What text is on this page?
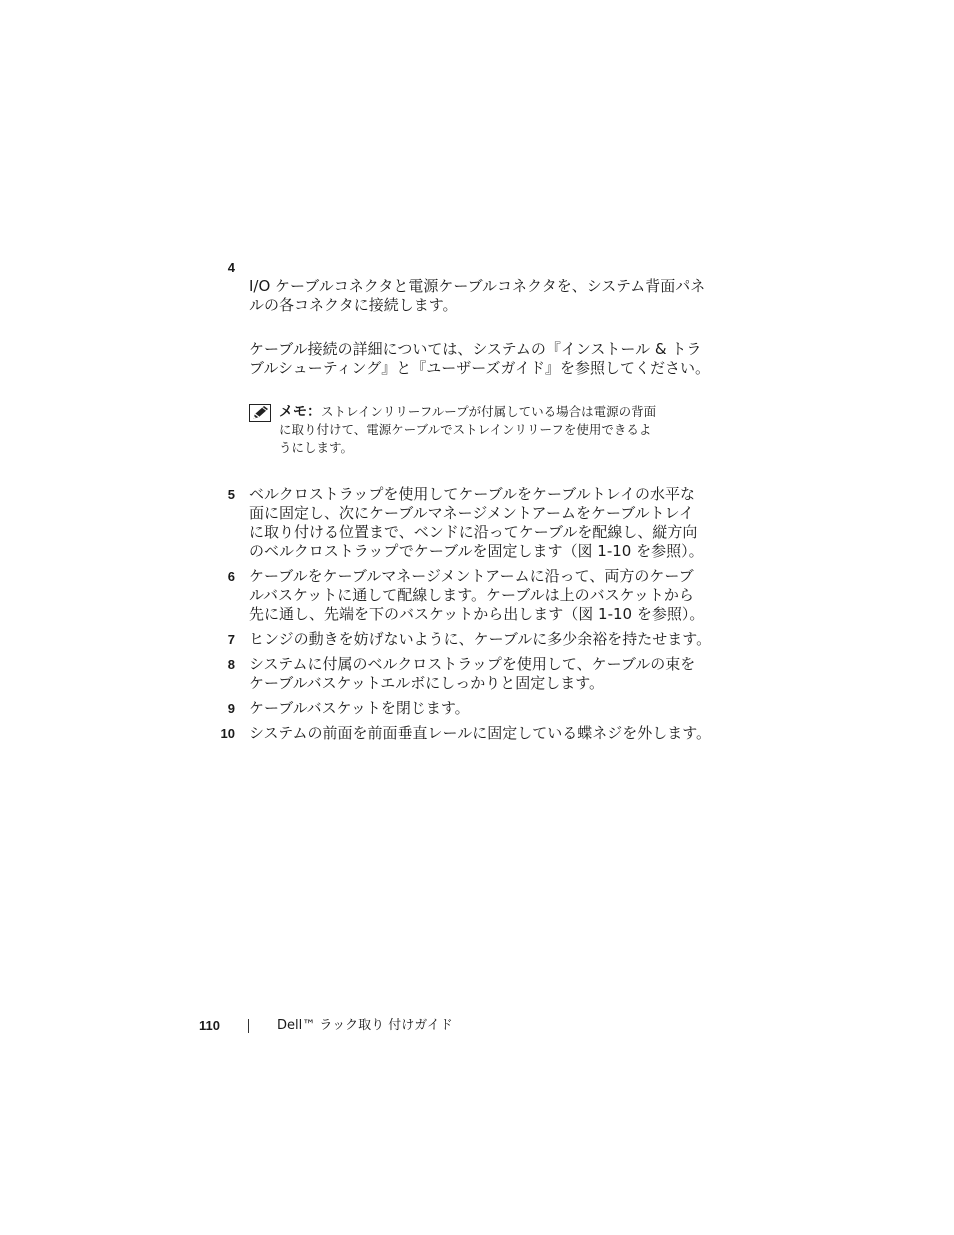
4

I/O ケーブルコネクタと電源ケーブルコネクタを、システム背面パネ
ルの各コネクタに接続します。

ケーブル接続の詳細については、システムの『インストール & トラ
ブルシューティング』と『ユーザーズガイド』を参照してください。

メモ：ストレインリリーフループが付属している場合は電源の背面
に取り付けて、電源ケーブルでストレインリリーフを使用できるよ
うにします。

5 ベルクロストラップを使用してケーブルをケーブルトレイの水平な
面に固定し、次にケーブルマネージメントアームをケーブルトレイ
に取り付ける位置まで、ベンドに沿ってケーブルを配線し、縦方向
のベルクロストラップでケーブルを固定します（図 1-10 を参照）。
6 ケーブルをケーブルマネージメントアームに沿って、両方のケーブ
ルバスケットに通して配線します。ケーブルは上のバスケットから
先に通し、先端を下のバスケットから出します（図 1-10 を参照）。
7 ヒンジの動きを妨げないように、ケーブルに多少余裕を持たせます。
8 システムに付属のベルクロストラップを使用して、ケーブルの束を
ケーブルバスケットエルボにしっかりと固定します。
9 ケーブルバスケットを閉じます。
10 システムの前面を前面垂直レールに固定している蝶ネジを外します。
110	Dell™ ラック取り 付けガイド
